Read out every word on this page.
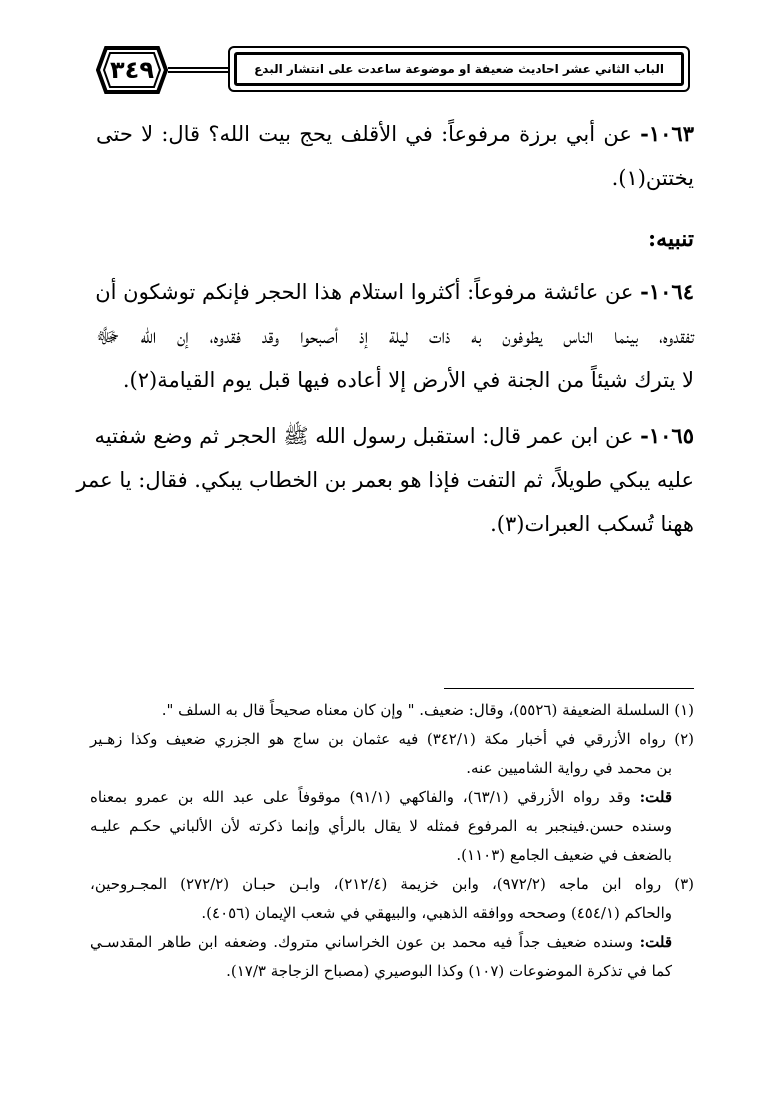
٣٤٩	الباب الثاني عشر احاديث ضعيفة او موضوعة ساعدت على انتشار البدع
١٠٦٣- عن أبي برزة مرفوعاً: في الأقلف يحج بيت الله؟ قال: لا حتى
يختتن(١).
تنبيه:
١٠٦٤- عن عائشة مرفوعاً: أكثروا استلام هذا الحجر فإنكم توشكون أن
تفقدوه، بينما الناس يطوفون به ذات ليلة إذ أصبحوا وقد فقدوه، إن الله ﷻ
لا يترك شيئاً من الجنة في الأرض إلا أعاده فيها قبل يوم القيامة(٢).
١٠٦٥- عن ابن عمر قال: استقبل رسول الله ﷺ الحجر ثم وضع شفتيه
عليه يبكي طويلاً، ثم التفت فإذا هو بعمر بن الخطاب يبكي. فقال: يا عمر
ههنا تُسكب العبرات(٣).
(١) السلسلة الضعيفة (٥٥٢٦)، وقال: ضعيف. " وإن كان معناه صحيحاً قال به السلف ".
(٢) رواه الأزرقي في أخبار مكة (٣٤٢/١) فيه عثمان بن ساج هو الجزري ضعيف وكذا زهـير
بن محمد في رواية الشاميين عنه.
قلت: وقد رواه الأزرقي (٦٣/١)، والفاكهي (٩١/١) موقوفاً على عبد الله بن عمرو بمعناه
وسنده حسن.فينجبر به المرفوع فمثله لا يقال بالرأي وإنما ذكرته لأن الألباني حكـم عليـه
بالضعف في ضعيف الجامع (١١٠٣).
(٣) رواه ابن ماجه (٩٧٢/٢)، وابن خزيمة (٢١٢/٤)، وابـن حبـان (٢٧٢/٢) المجـروحين،
والحاكم (٤٥٤/١) وصححه ووافقه الذهبي، والبيهقي في شعب الإيمان (٤٠٥٦).
قلت: وسنده ضعيف جداً فيه محمد بن عون الخراساني متروك. وضعفه ابن طاهر المقدسـي
كما في تذكرة الموضوعات (١٠٧) وكذا البوصيري (مصباح الزجاجة ١٧/٣).
